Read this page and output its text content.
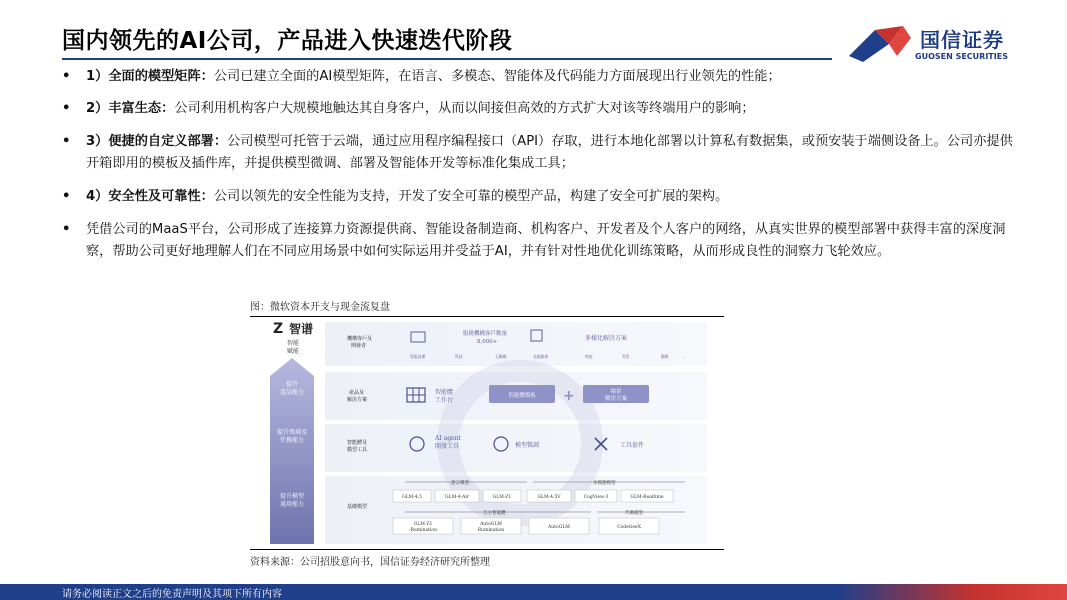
国内领先的AI公司，产品进入快速迭代阶段	国信证券
GUOSEN SECURITIES
•	1）全面的模型矩阵：公司已建立全面的AI模型矩阵，在语言、多模态、智能体及代码能力方面展现出行业领先的性能；
•	2）丰富生态：公司利用机构客户大规模地触达其自身客户，从而以间接但高效的方式扩大对该等终端用户的影响；
•	3）便捷的自定义部署：公司模型可托管于云端，通过应用程序编程接口（API）存取，进行本地化部署以计算私有数据集，或预安装于端侧设备上。公司亦提供开箱即用的模板及插件库，并提供模型微调、部署及智能体开发等标准化集成工具；
•	4）安全性及可靠性：公司以领先的安全性能为支持，开发了安全可靠的模型产品，构建了安全可扩展的架构。
•	凭借公司的MaaS平台，公司形成了连接算力资源提供商、智能设备制造商、机构客户、开发者及个人客户的网络，从真实世界的模型部署中获得丰富的深度洞察，帮助公司更好地理解人们在不同应用场景中如何实际运用并受益于AI，并有针对性地优化训练策略，从而形成良性的洞察力飞轮效应。
图：微软资本开支与现金流复盘
Z 智谱
智能
赋能
提升
產品能力
提升領域及
任務能力
提升模型
通用能力
機構客戶及
開發者
產品及
解決方案
智能體及
模型工具
基礎模型
服務機構客戶數量
8,000+	多樣化解決方案
智能設備	科技	互聯網	金融服務	物流	零售	醫療	…
智能體
工作台
智能體模板 +	場景
解決方案
AI agent
開發工具	模型微調	工具套件
語言模型	多模態模型
GLM-4.5	GLM-4-Air	GLM-Z1	GLM-4.5V	CogView-3	GLM-Realtime
自主智能體	代碼模型
GLM-Z1
-Rumination
AutoGLM
Rumination
AutoGLM	CodeGeeX
资料来源：公司招股意向书，国信证券经济研究所整理
请务必阅读正文之后的免责声明及其项下所有内容
